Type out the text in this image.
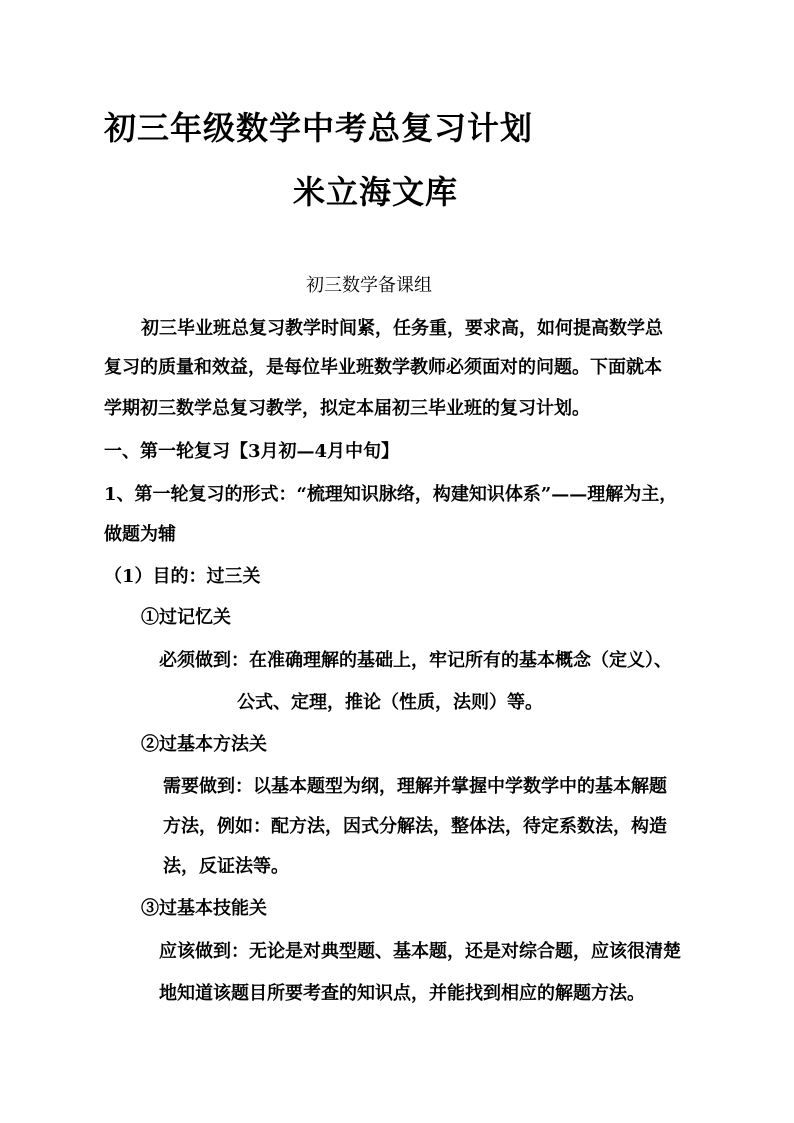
初三年级数学中考总复习计划
米立海文库
初三数学备课组
初三毕业班总复习教学时间紧，任务重，要求高，如何提高数学总
复习的质量和效益，是每位毕业班数学教师必须面对的问题。下面就本
学期初三数学总复习教学，拟定本届初三毕业班的复习计划。
一、第一轮复习【3月初—4月中旬】
1、第一轮复习的形式：“梳理知识脉络，构建知识体系”——理解为主，
做题为辅
（1）目的：过三关
①过记忆关
必须做到：在准确理解的基础上，牢记所有的基本概念（定义）、
公式、定理，推论（性质，法则）等。
②过基本方法关
需要做到：以基本题型为纲，理解并掌握中学数学中的基本解题
方法，例如：配方法，因式分解法，整体法，待定系数法，构造
法，反证法等。
③过基本技能关
应该做到：无论是对典型题、基本题，还是对综合题，应该很清楚
地知道该题目所要考查的知识点，并能找到相应的解题方法。
